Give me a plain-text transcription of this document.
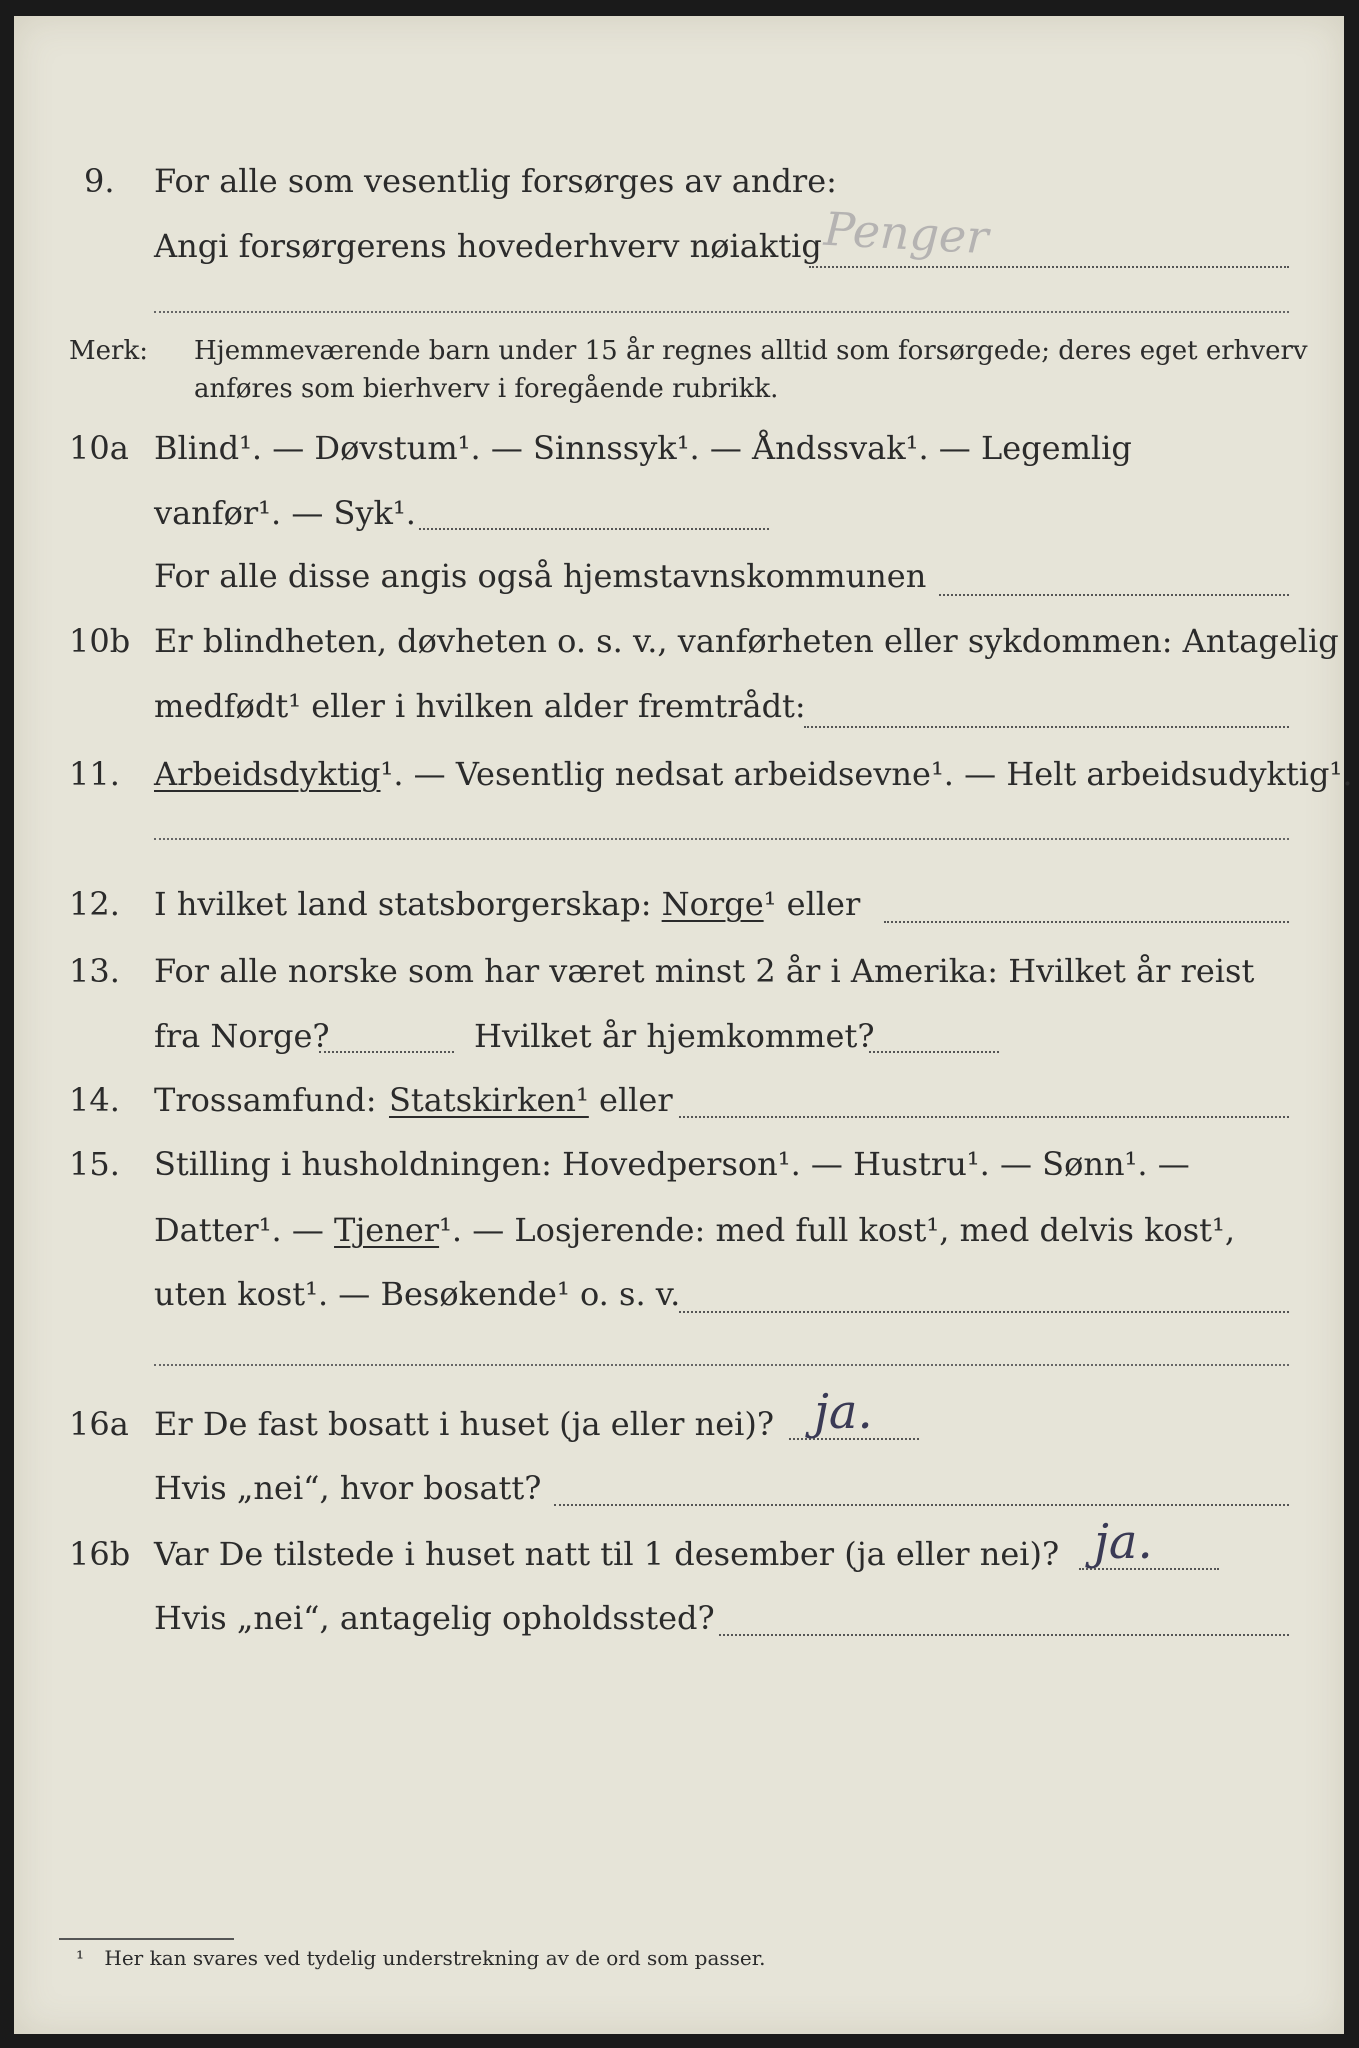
9. For alle som vesentlig forsørges av andre:
Angi forsørgerens hovederhverv nøiaktig Penger
Merk: Hjemmeværende barn under 15 år regnes alltid som forsørgede; deres eget erhverv
anføres som bierhverv i foregående rubrikk.
10a Blind¹. — Døvstum¹. — Sinnssyk¹. — Åndssvak¹. — Legemlig
vanfør¹. — Syk¹.
For alle disse angis også hjemstavnskommunen
10b Er blindheten, døvheten o. s. v., vanførheten eller sykdommen: Antagelig
medfødt¹ eller i hvilken alder fremtrådt:
11. Arbeidsdyktig¹. — Vesentlig nedsat arbeidsevne¹. — Helt arbeidsudyktig¹.
12. I hvilket land statsborgerskap: Norge¹ eller
13. For alle norske som har været minst 2 år i Amerika: Hvilket år reist
fra Norge?	Hvilket år hjemkommet?
14. Trossamfund: Statskirken¹ eller
15. Stilling i husholdningen: Hovedperson¹. — Hustru¹. — Sønn¹. —
Datter¹. — Tjener¹. — Losjerende: med full kost¹, med delvis kost¹,
uten kost¹. — Besøkende¹ o. s. v.
16a Er De fast bosatt i huset (ja eller nei)? ja.
Hvis „nei“, hvor bosatt?
16b Var De tilstede i huset natt til 1 desember (ja eller nei)? ja.
Hvis „nei“, antagelig opholdssted?
¹ Her kan svares ved tydelig understrekning av de ord som passer.
